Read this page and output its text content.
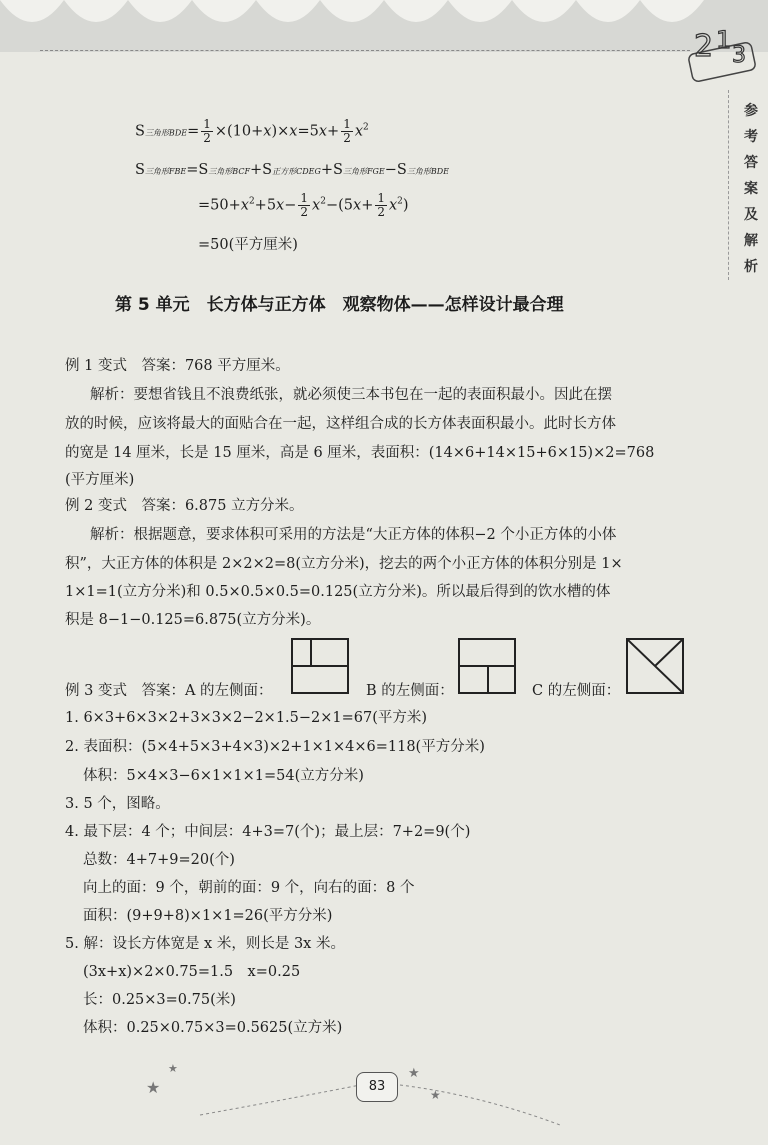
2 1
3
参
考
答
案
及
解
析
S三角形$BDE= \frac{1}{2} \times(10+x)\times x=5x+ \frac{1}{2} x^2$
S三角形FBE=S三角形BCF+S正方形CDEG+S三角形FGE−S三角形BDE
$=50+x^2+5x- \frac{1}{2} x^2-(5x+ \frac{1}{2} x^2)$
=50(平方厘米)
第 5 单元　长方体与正方体　观察物体——怎样设计最合理
例 1 变式　答案：768 平方厘米。
解析：要想省钱且不浪费纸张，就必须使三本书包在一起的表面积最小。因此在摆
放的时候，应该将最大的面贴合在一起，这样组合成的长方体表面积最小。此时长方体
的宽是 14 厘米，长是 15 厘米，高是 6 厘米，表面积：(14×6+14×15+6×15)×2=768
(平方厘米)
例 2 变式　答案：6.875 立方分米。
解析：根据题意，要求体积可采用的方法是“大正方体的体积−2 个小正方体的小体
积”，大正方体的体积是 2×2×2=8(立方分米)，挖去的两个小正方体的体积分别是 1×
1×1=1(立方分米)和 0.5×0.5×0.5=0.125(立方分米)。所以最后得到的饮水槽的体
积是 8−1−0.125=6.875(立方分米)。
例 3 变式　答案：A 的左侧面：	B 的左侧面：	C 的左侧面：
1. 6×3+6×3×2+3×3×2−2×1.5−2×1=67(平方米)
2. 表面积：(5×4+5×3+4×3)×2+1×1×4×6=118(平方分米)
体积：5×4×3−6×1×1×1=54(立方分米)
3. 5 个，图略。
4. 最下层：4 个；中间层：4+3=7(个)；最上层：7+2=9(个)
总数：4+7+9=20(个)
向上的面：9 个，朝前的面：9 个，向右的面：8 个
面积：(9+9+8)×1×1=26(平方分米)
5. 解：设长方体宽是 x 米，则长是 3x 米。
(3x+x)×2×0.75=1.5　x=0.25
长：0.25×3=0.75(米)
体积：0.25×0.75×3=0.5625(立方米)
★
★	★
★
83
